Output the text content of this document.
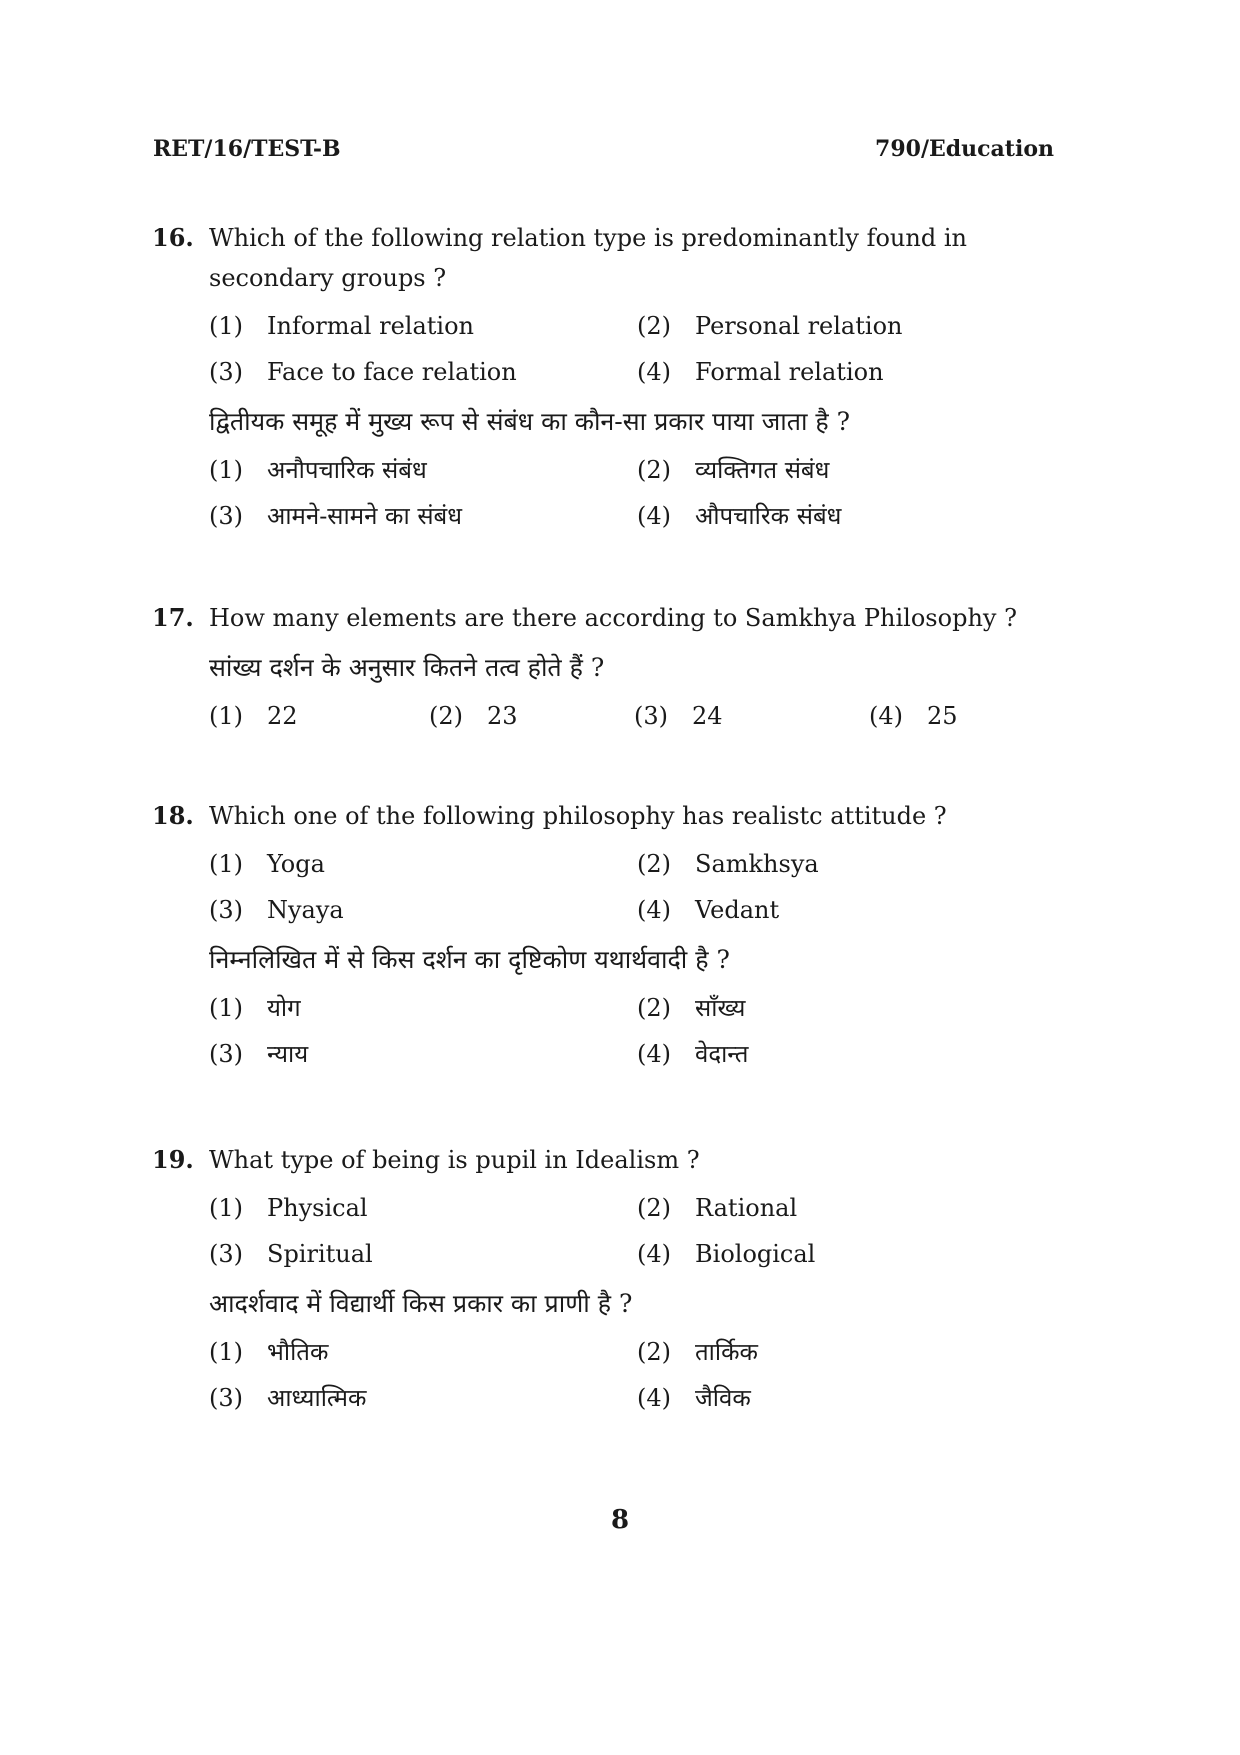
RET/16/TEST-B	790/Education
16. Which of the following relation type is predominantly found in secondary groups ?
(1)	Informal relation	(2)	Personal relation
(3)	Face to face relation	(4)	Formal relation
द्वितीयक समूह में मुख्य रूप से संबंध का कौन-सा प्रकार पाया जाता है ?
(1)	अनौपचारिक संबंध	(2)	व्यक्तिगत संबंध
(3)	आमने-सामने का संबंध	(4)	औपचारिक संबंध
17. How many elements are there according to Samkhya Philosophy ?
सांख्य दर्शन के अनुसार कितने तत्व होते हैं ?
(1)	22	(2)	23	(3)	24	(4)	25
18. Which one of the following philosophy has realistc attitude ?
(1)	Yoga	(2)	Samkhsya
(3)	Nyaya	(4)	Vedant
निम्नलिखित में से किस दर्शन का दृष्टिकोण यथार्थवादी है ?
(1)	योग	(2)	सॉंख्य
(3)	न्याय	(4)	वेदान्त
19. What type of being is pupil in Idealism ?
(1)	Physical	(2)	Rational
(3)	Spiritual	(4)	Biological
आदर्शवाद में विद्यार्थी किस प्रकार का प्राणी है ?
(1)	भौतिक	(2)	तार्किक
(3)	आध्यात्मिक	(4)	जैविक
8
